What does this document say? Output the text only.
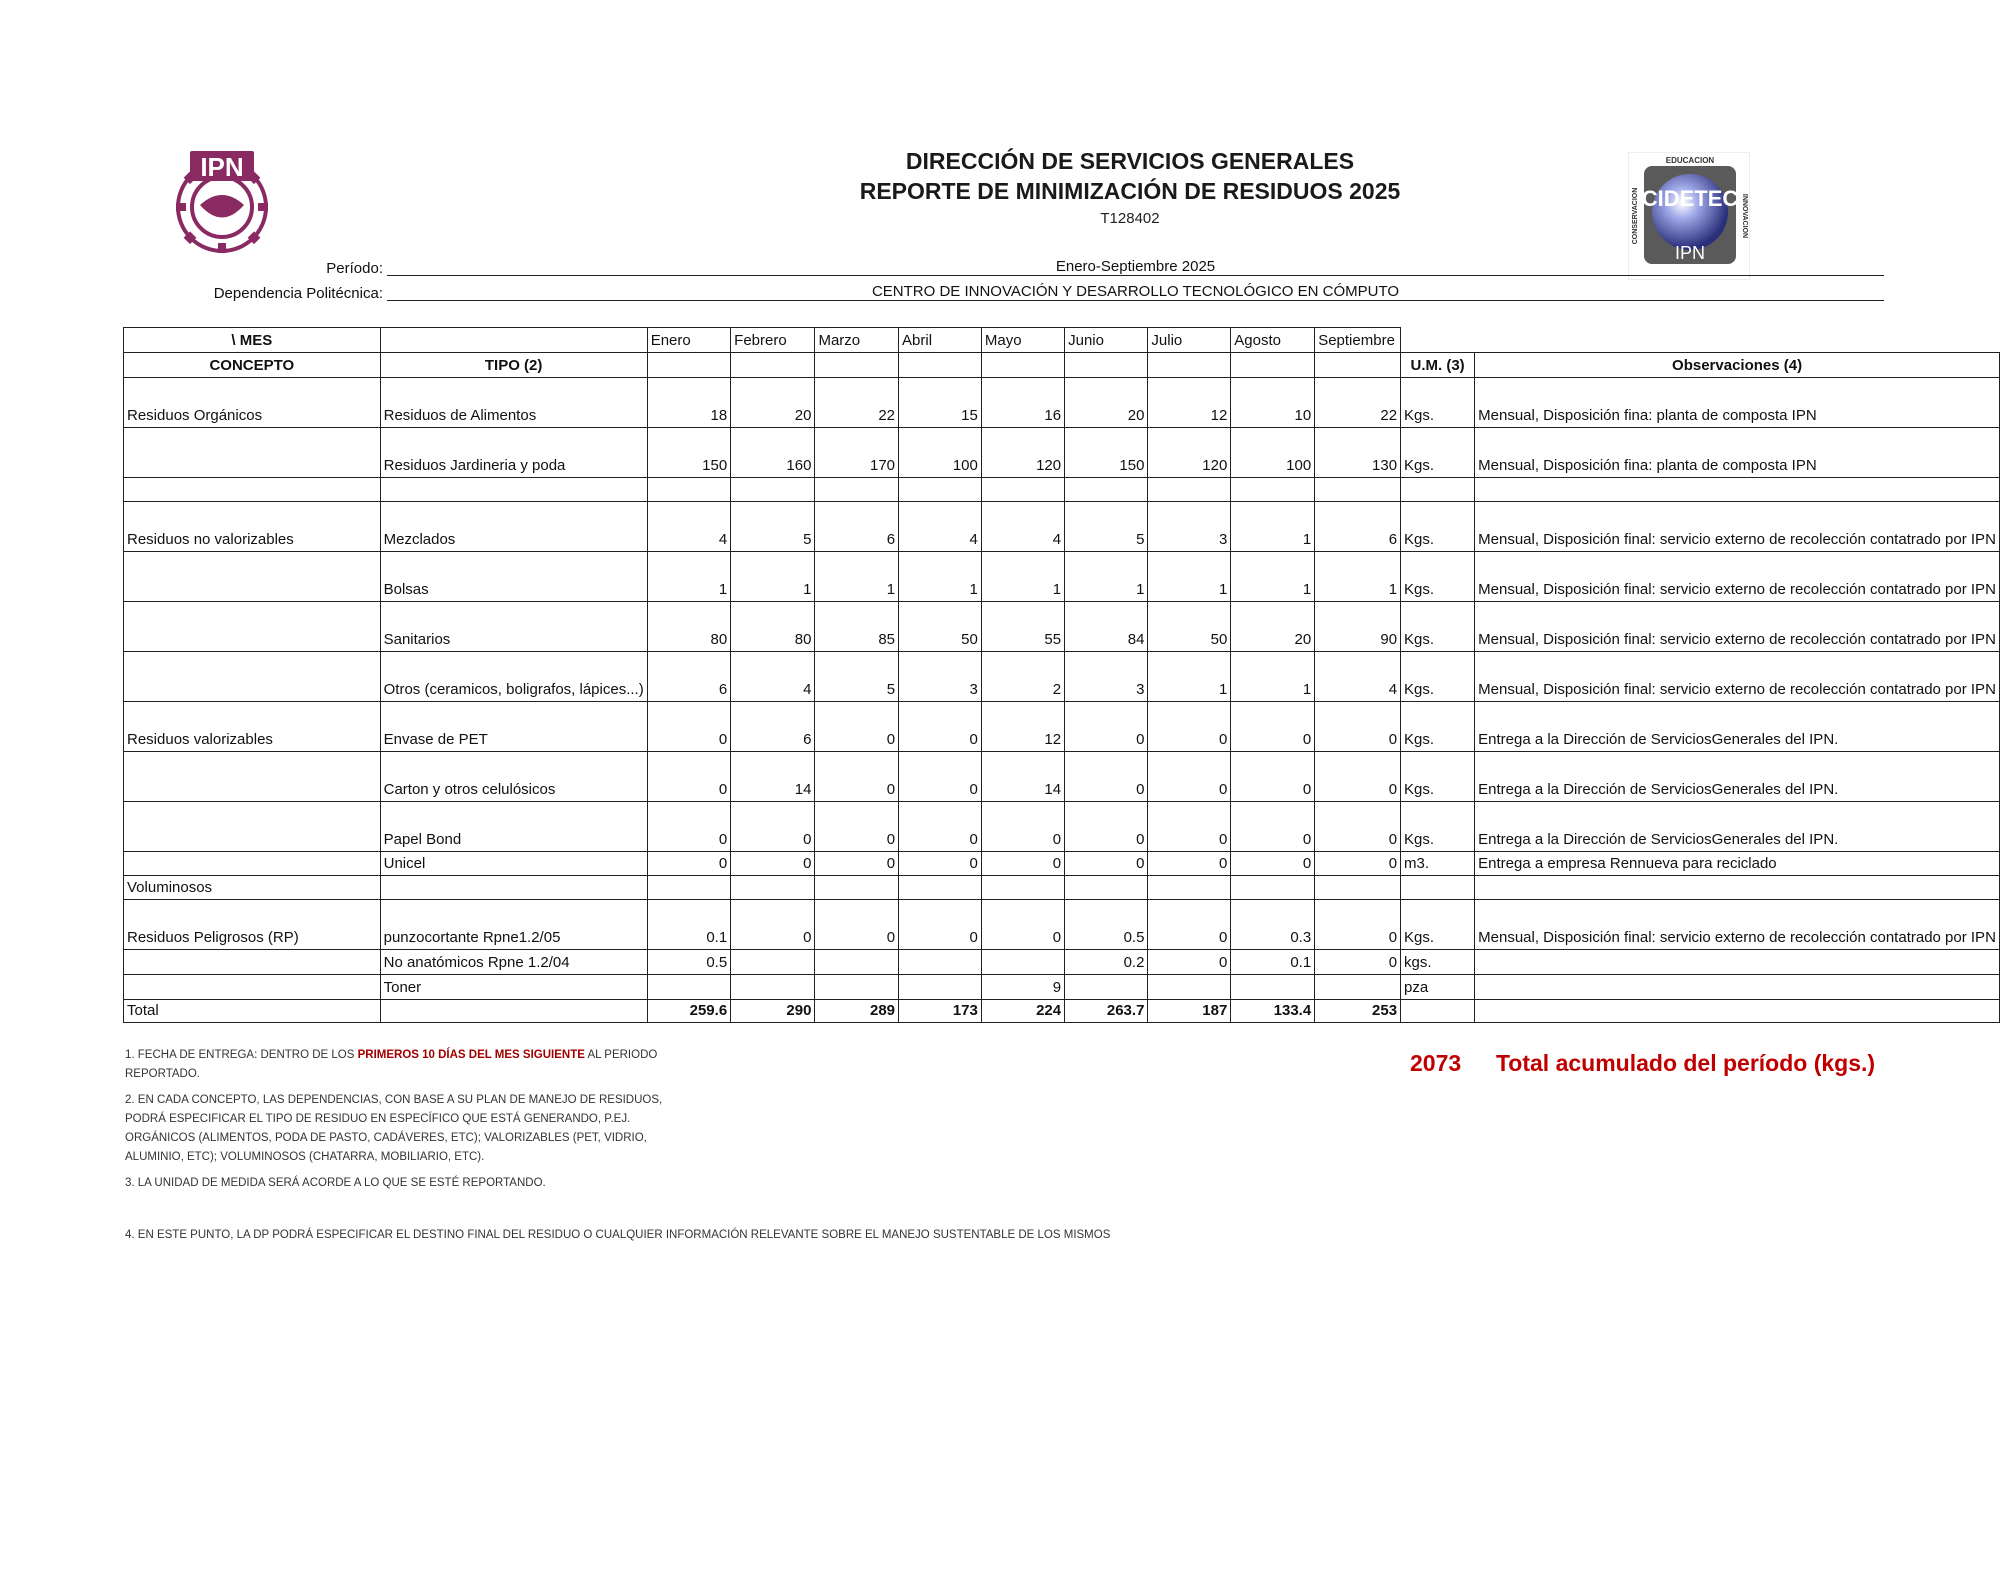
IPN	EDUCACION
CONSERVACION	INNOVACION
CIDETEC
IPN
DIRECCIÓN DE SERVICIOS GENERALES
REPORTE DE MINIMIZACIÓN DE RESIDUOS 2025
T128402
Período:	Enero-Septiembre 2025
Dependencia Politécnica:	CENTRO DE INNOVACIÓN Y DESARROLLO TECNOLÓGICO EN CÓMPUTO
\ MES		Enero	Febrero	Marzo	Abril	Mayo	Junio	Julio	Agosto	Septiembre		
CONCEPTO	TIPO (2)										U.M. (3)	Observaciones (4)
Residuos Orgánicos	Residuos de Alimentos	18	20	22	15	16	20	12	10	22	Kgs.	Mensual, Disposición fina: planta de composta IPN
	Residuos Jardineria y poda	150	160	170	100	120	150	120	100	130	Kgs.	Mensual, Disposición fina: planta de composta IPN

Residuos no valorizables	Mezclados	4	5	6	4	4	5	3	1	6	Kgs.	Mensual, Disposición final: servicio externo de recolección contatrado por IPN
	Bolsas	1	1	1	1	1	1	1	1	1	Kgs.	Mensual, Disposición final: servicio externo de recolección contatrado por IPN
	Sanitarios	80	80	85	50	55	84	50	20	90	Kgs.	Mensual, Disposición final: servicio externo de recolección contatrado por IPN
	Otros (ceramicos, boligrafos, lápices...)	6	4	5	3	2	3	1	1	4	Kgs.	Mensual, Disposición final: servicio externo de recolección contatrado por IPN
Residuos valorizables	Envase de PET	0	6	0	0	12	0	0	0	0	Kgs.	Entrega a la Dirección de ServiciosGenerales del IPN.
	Carton y otros celulósicos	0	14	0	0	14	0	0	0	0	Kgs.	Entrega a la Dirección de ServiciosGenerales del IPN.
	Papel Bond	0	0	0	0	0	0	0	0	0	Kgs.	Entrega a la Dirección de ServiciosGenerales del IPN.
	Unicel	0	0	0	0	0	0	0	0	0	m3.	Entrega a empresa Rennueva para reciclado
Voluminosos												
Residuos Peligrosos (RP)	punzocortante Rpne1.2/05	0.1	0	0	0	0	0.5	0	0.3	0	Kgs.	Mensual, Disposición final: servicio externo de recolección contatrado por IPN
	No anatómicos Rpne 1.2/04	0.5					0.2	0	0.1	0	kgs.	
	Toner					9					pza	
Total		259.6	290	289	173	224	263.7	187	133.4	253		
2073 Total acumulado del período (kgs.)

1. FECHA DE ENTREGA: DENTRO DE LOS PRIMEROS 10 DÍAS DEL MES SIGUIENTE AL PERIODO REPORTADO.

2. EN CADA CONCEPTO, LAS DEPENDENCIAS, CON BASE A SU PLAN DE MANEJO DE RESIDUOS, PODRÁ ESPECIFICAR EL TIPO DE RESIDUO EN ESPECÍFICO QUE ESTÁ GENERANDO, P.EJ. ORGÁNICOS (ALIMENTOS, PODA DE PASTO, CADÁVERES, ETC); VALORIZABLES (PET, VIDRIO, ALUMINIO, ETC); VOLUMINOSOS (CHATARRA, MOBILIARIO, ETC).

3. LA UNIDAD DE MEDIDA SERÁ ACORDE A LO QUE SE ESTÉ REPORTANDO.

4. EN ESTE PUNTO, LA DP PODRÁ ESPECIFICAR EL DESTINO FINAL DEL RESIDUO O CUALQUIER INFORMACIÓN RELEVANTE SOBRE EL MANEJO SUSTENTABLE DE LOS MISMOS
